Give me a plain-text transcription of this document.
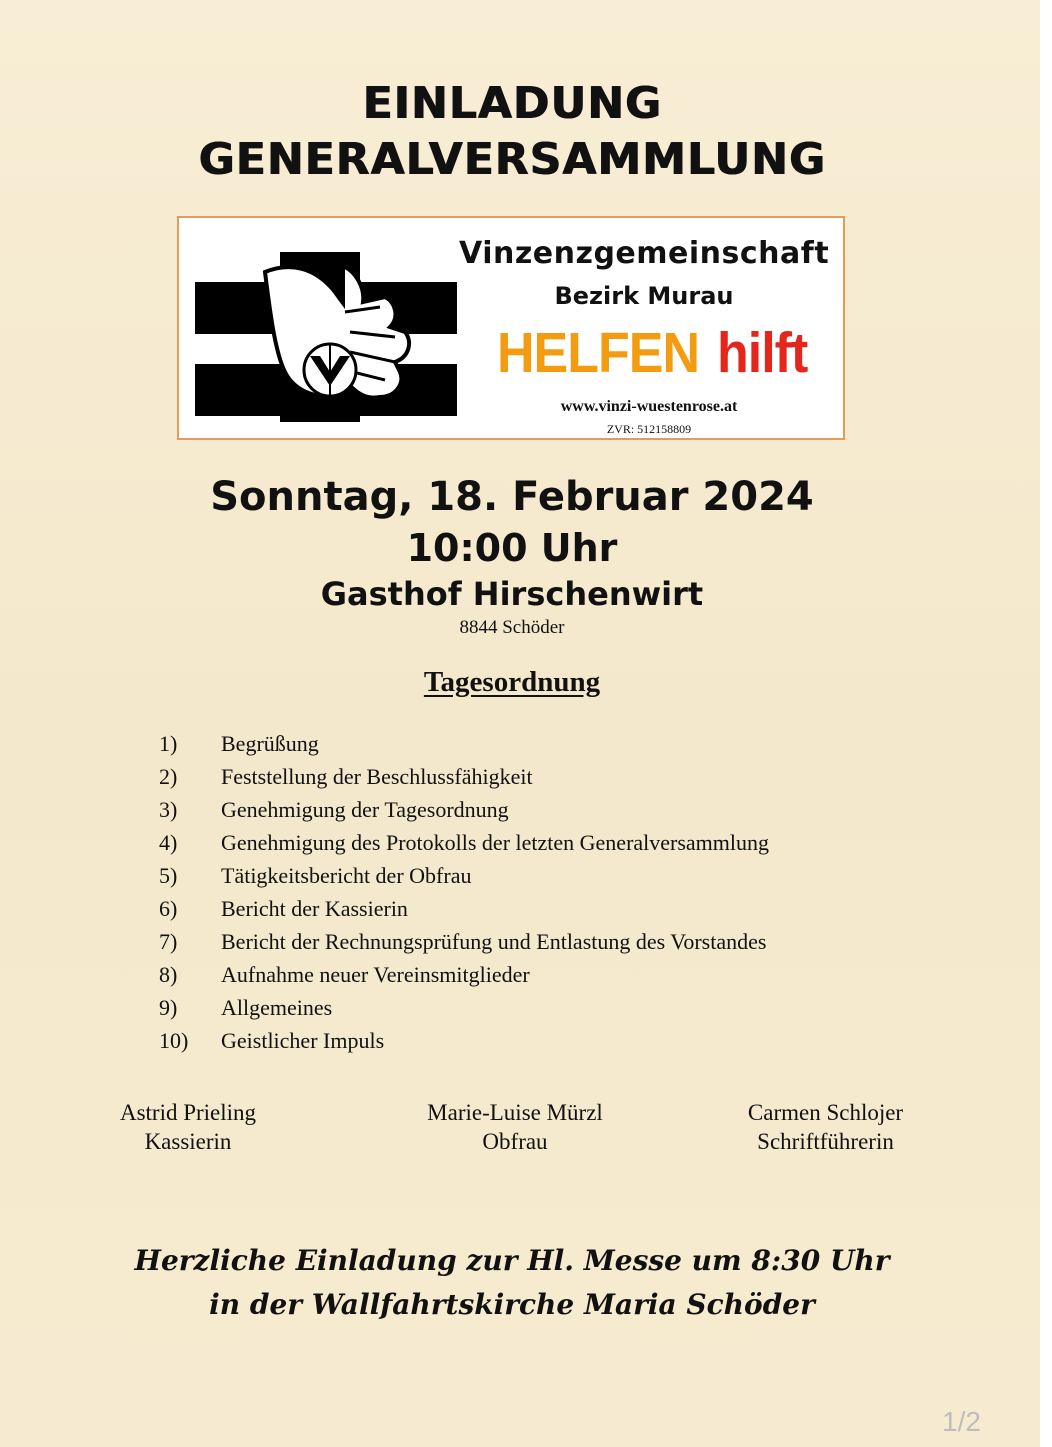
EINLADUNG
GENERALVERSAMMLUNG
Vinzenzgemeinschaft
Bezirk Murau
HELFEN hilft
www.vinzi-wuestenrose.at
ZVR: 512158809
Sonntag, 18. Februar 2024
10:00 Uhr
Gasthof Hirschenwirt
8844 Schöder
Tagesordnung
1)	Begrüßung
2)	Feststellung der Beschlussfähigkeit
3)	Genehmigung der Tagesordnung
4)	Genehmigung des Protokolls der letzten Generalversammlung
5)	Tätigkeitsbericht der Obfrau
6)	Bericht der Kassierin
7)	Bericht der Rechnungsprüfung und Entlastung des Vorstandes
8)	Aufnahme neuer Vereinsmitglieder
9)	Allgemeines
10)	Geistlicher Impuls
Astrid Prieling
Kassierin
Marie-Luise Mürzl
Obfrau
Carmen Schlojer
Schriftführerin
Herzliche Einladung zur Hl. Messe um 8:30 Uhr
in der Wallfahrtskirche Maria Schöder
1/2
